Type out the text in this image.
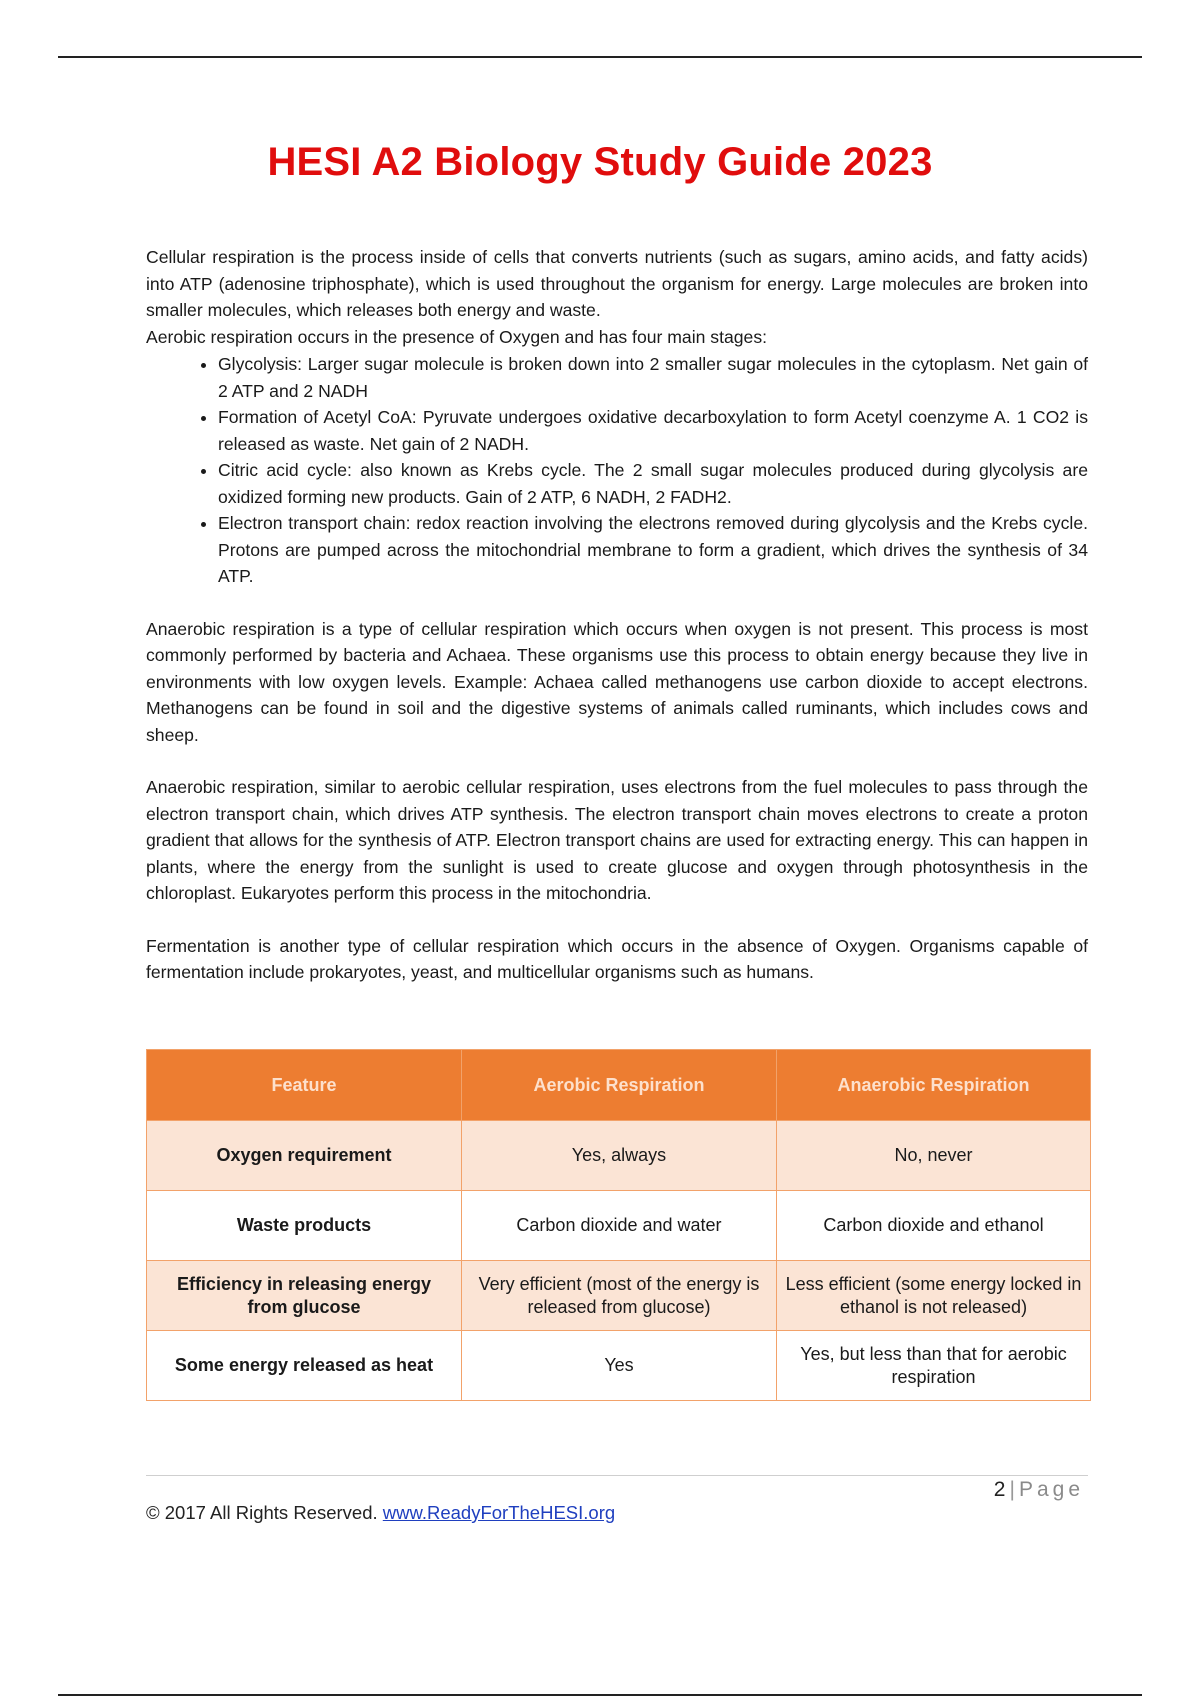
HESI A2 Biology Study Guide 2023

Cellular respiration is the process inside of cells that converts nutrients (such as sugars, amino acids, and fatty acids) into ATP (adenosine triphosphate), which is used throughout the organism for energy. Large molecules are broken into smaller molecules, which releases both energy and waste.

Aerobic respiration occurs in the presence of Oxygen and has four main stages:

• Glycolysis: Larger sugar molecule is broken down into 2 smaller sugar molecules in the cytoplasm. Net gain of 2 ATP and 2 NADH
• Formation of Acetyl CoA: Pyruvate undergoes oxidative decarboxylation to form Acetyl coenzyme A. 1 CO2 is released as waste. Net gain of 2 NADH.
• Citric acid cycle: also known as Krebs cycle. The 2 small sugar molecules produced during glycolysis are oxidized forming new products. Gain of 2 ATP, 6 NADH, 2 FADH2.
• Electron transport chain: redox reaction involving the electrons removed during glycolysis and the Krebs cycle. Protons are pumped across the mitochondrial membrane to form a gradient, which drives the synthesis of 34 ATP.

Anaerobic respiration is a type of cellular respiration which occurs when oxygen is not present. This process is most commonly performed by bacteria and Achaea. These organisms use this process to obtain energy because they live in environments with low oxygen levels. Example: Achaea called methanogens use carbon dioxide to accept electrons. Methanogens can be found in soil and the digestive systems of animals called ruminants, which includes cows and sheep.

Anaerobic respiration, similar to aerobic cellular respiration, uses electrons from the fuel molecules to pass through the electron transport chain, which drives ATP synthesis. The electron transport chain moves electrons to create a proton gradient that allows for the synthesis of ATP. Electron transport chains are used for extracting energy. This can happen in plants, where the energy from the sunlight is used to create glucose and oxygen through photosynthesis in the chloroplast. Eukaryotes perform this process in the mitochondria.

Fermentation is another type of cellular respiration which occurs in the absence of Oxygen. Organisms capable of fermentation include prokaryotes, yeast, and multicellular organisms such as humans.

Feature	Aerobic Respiration	Anaerobic Respiration
Oxygen requirement	Yes, always	No, never
Waste products	Carbon dioxide and water	Carbon dioxide and ethanol
Efficiency in releasing energy from glucose	Very efficient (most of the energy is released from glucose)	Less efficient (some energy locked in ethanol is not released)
Some energy released as heat	Yes	Yes, but less than that for aerobic respiration
2 | Page
© 2017 All Rights Reserved. www.ReadyForTheHESI.org
